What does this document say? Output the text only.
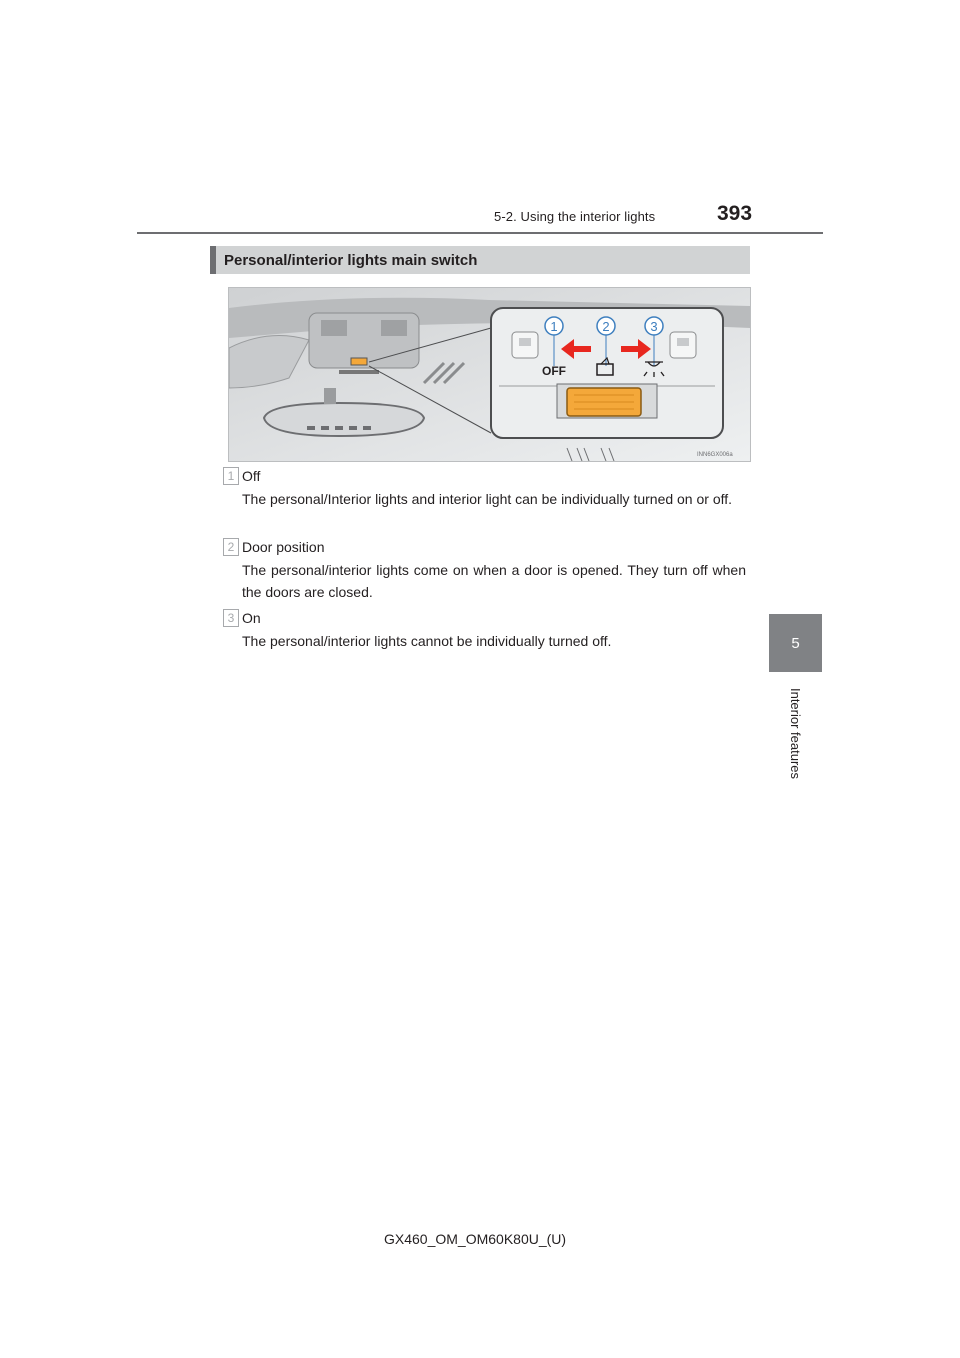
5-2. Using the interior lights	393
5
Interior features
Personal/interior lights main switch
1	2	3
OFF
INN6GX006a
1 Off
The personal/Interior lights and interior light can be individually turned on or off.
2 Door position
The personal/interior lights come on when a door is opened. They turn off when the doors are closed.
3 On
The personal/interior lights cannot be individually turned off.
GX460_OM_OM60K80U_(U)
